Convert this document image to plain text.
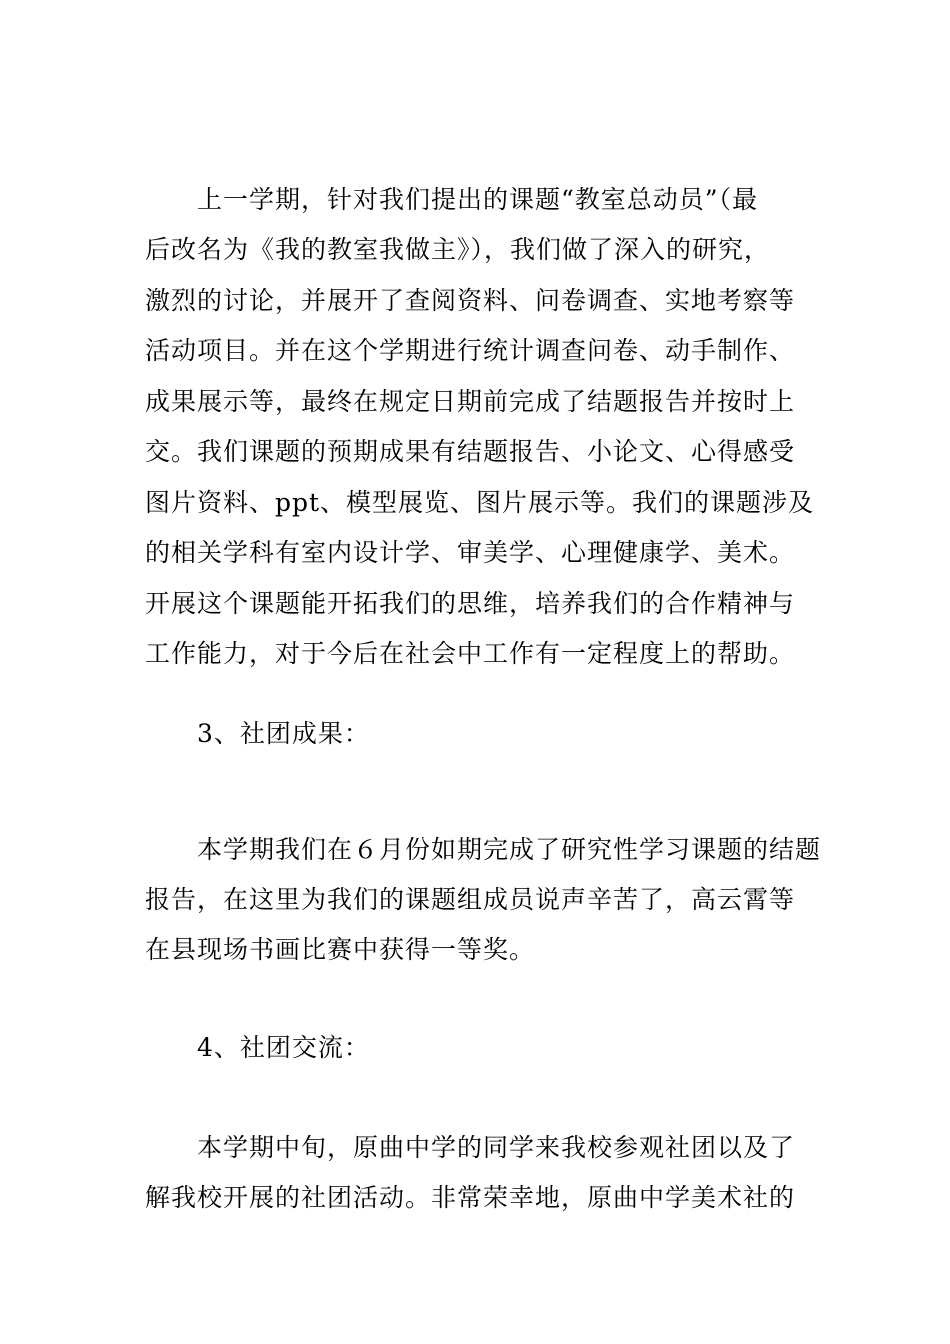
上一学期，针对我们提出的课题“教室总动员”（最
后改名为《我的教室我做主》），我们做了深入的研究，
激烈的讨论，并展开了查阅资料、问卷调查、实地考察等
活动项目。并在这个学期进行统计调查问卷、动手制作、
成果展示等，最终在规定日期前完成了结题报告并按时上
交。我们课题的预期成果有结题报告、小论文、心得感受
图片资料、ppt、模型展览、图片展示等。我们的课题涉及
的相关学科有室内设计学、审美学、心理健康学、美术。
开展这个课题能开拓我们的思维，培养我们的合作精神与
工作能力，对于今后在社会中工作有一定程度上的帮助。
3、社团成果：
本学期我们在６月份如期完成了研究性学习课题的结题
报告，在这里为我们的课题组成员说声辛苦了，高云霄等
在县现场书画比赛中获得一等奖。
4、社团交流：
本学期中旬，原曲中学的同学来我校参观社团以及了
解我校开展的社团活动。非常荣幸地，原曲中学美术社的
